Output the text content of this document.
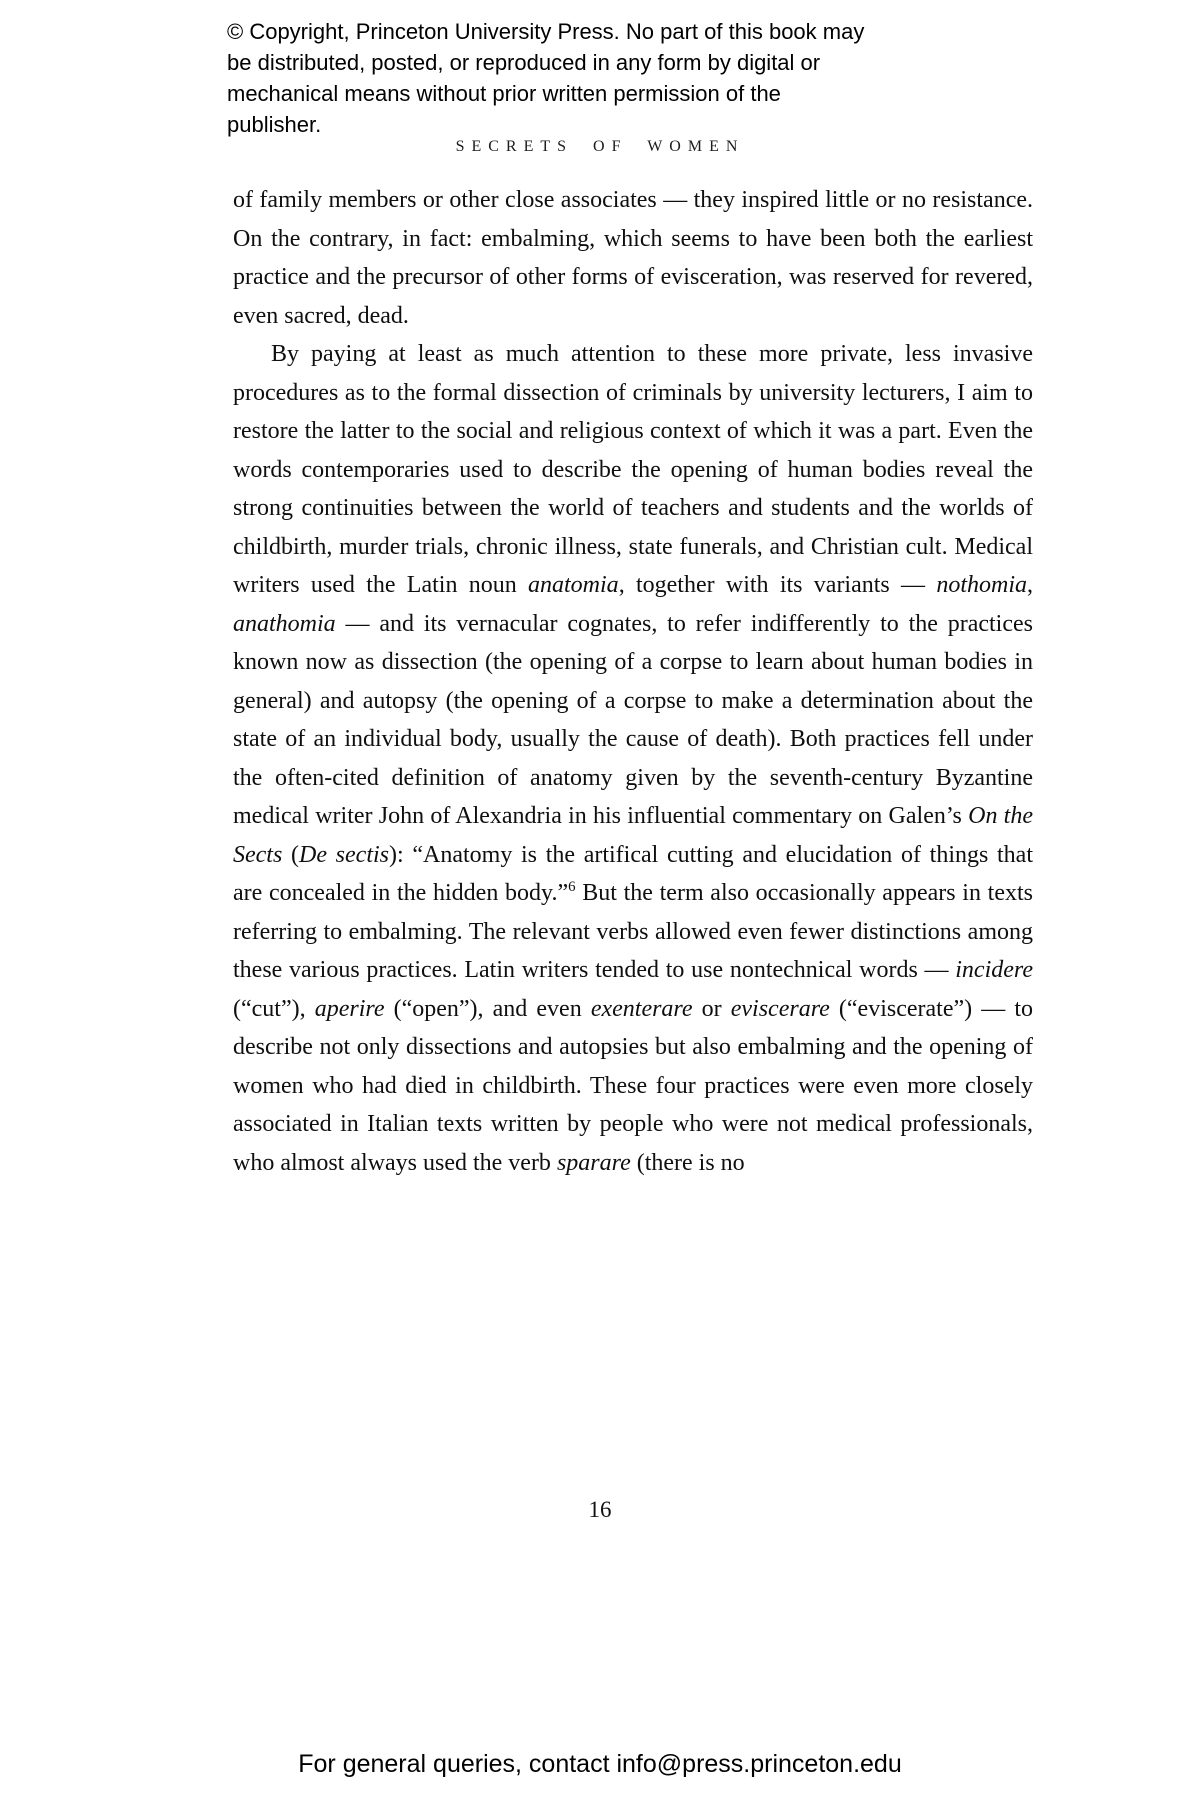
© Copyright, Princeton University Press. No part of this book may be distributed, posted, or reproduced in any form by digital or mechanical means without prior written permission of the publisher.
SECRETS OF WOMEN

of family members or other close associates — they inspired little or no resistance. On the contrary, in fact: embalming, which seems to have been both the earliest practice and the precursor of other forms of evisceration, was reserved for revered, even sacred, dead.

By paying at least as much attention to these more private, less invasive procedures as to the formal dissection of criminals by university lecturers, I aim to restore the latter to the social and religious context of which it was a part. Even the words contemporaries used to describe the opening of human bodies reveal the strong continuities between the world of teachers and students and the worlds of childbirth, murder trials, chronic illness, state funerals, and Christian cult. Medical writers used the Latin noun anatomia, together with its variants — nothomia, anathomia — and its vernacular cognates, to refer indifferently to the practices known now as dissection (the opening of a corpse to learn about human bodies in general) and autopsy (the opening of a corpse to make a determination about the state of an individual body, usually the cause of death). Both practices fell under the often-cited definition of anatomy given by the seventh-century Byzantine medical writer John of Alexandria in his influential commentary on Galen’s On the Sects (De sectis): “Anatomy is the artifical cutting and elucidation of things that are concealed in the hidden body.”$^6$ But the term also occasionally appears in texts referring to embalming. The relevant verbs allowed even fewer distinctions among these various practices. Latin writers tended to use nontechnical words — incidere (“cut”), aperire (“open”), and even exenterare or eviscerare (“eviscerate”) — to describe not only dissections and autopsies but also embalming and the opening of women who had died in childbirth. These four practices were even more closely associated in Italian texts written by people who were not medical professionals, who almost always used the verb sparare (there is no

16
For general queries, contact info@press.princeton.edu
